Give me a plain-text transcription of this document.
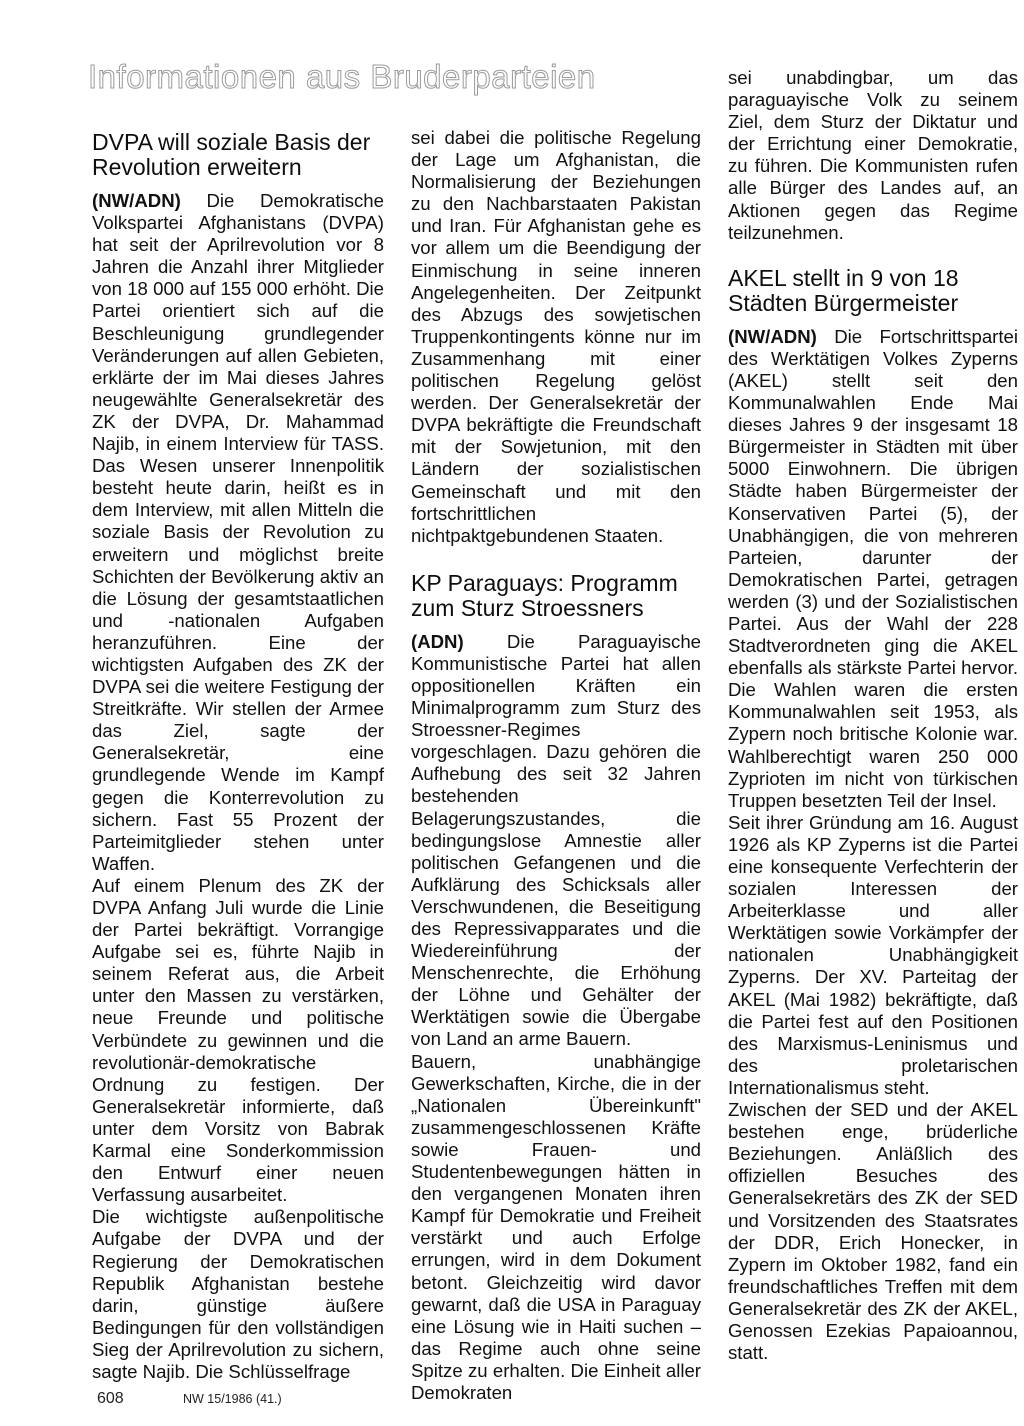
Informationen aus Bruderparteien
DVPA will soziale Basis der Revolution erweitern

(NW/ADN) Die Demokratische Volkspartei Afghanistans (DVPA) hat seit der Aprilrevolution vor 8 Jahren die Anzahl ihrer Mitglieder von 18 000 auf 155 000 erhöht. Die Partei orientiert sich auf die Beschleunigung grundlegender Veränderungen auf allen Gebieten, erklärte der im Mai dieses Jahres neugewählte Generalsekretär des ZK der DVPA, Dr. Mahammad Najib, in einem Interview für TASS. Das Wesen unserer Innenpolitik besteht heute darin, heißt es in dem Interview, mit allen Mitteln die soziale Basis der Revolution zu erweitern und möglichst breite Schichten der Bevölkerung aktiv an die Lösung der gesamtstaatlichen und -nationalen Aufgaben heranzuführen. Eine der wichtigsten Aufgaben des ZK der DVPA sei die weitere Festigung der Streitkräfte. Wir stellen der Armee das Ziel, sagte der Generalsekretär, eine grundlegende Wende im Kampf gegen die Konterrevolution zu sichern. Fast 55 Prozent der Parteimitglieder stehen unter Waffen.

Auf einem Plenum des ZK der DVPA Anfang Juli wurde die Linie der Partei bekräftigt. Vorrangige Aufgabe sei es, führte Najib in seinem Referat aus, die Arbeit unter den Massen zu verstärken, neue Freunde und politische Verbündete zu gewinnen und die revolutionär-demokratische Ordnung zu festigen. Der Generalsekretär informierte, daß unter dem Vorsitz von Babrak Karmal eine Sonderkommission den Entwurf einer neuen Verfassung ausarbeitet.

Die wichtigste außenpolitische Aufgabe der DVPA und der Regierung der Demokratischen Republik Afghanistan bestehe darin, günstige äußere Bedingungen für den vollständigen Sieg der Aprilrevolution zu sichern, sagte Najib. Die Schlüsselfrage

sei dabei die politische Regelung der Lage um Afghanistan, die Normalisierung der Beziehungen zu den Nachbarstaaten Pakistan und Iran. Für Afghanistan gehe es vor allem um die Beendigung der Einmischung in seine inneren Angelegenheiten. Der Zeitpunkt des Abzugs des sowjetischen Truppenkontingents könne nur im Zusammenhang mit einer politischen Regelung gelöst werden. Der Generalsekretär der DVPA bekräftigte die Freundschaft mit der Sowjetunion, mit den Ländern der sozialistischen Gemeinschaft und mit den fortschrittlichen nichtpaktgebundenen Staaten.

KP Paraguays: Programm zum Sturz Stroessners

(ADN) Die Paraguayische Kommunistische Partei hat allen oppositionellen Kräften ein Minimalprogramm zum Sturz des Stroessner-Regimes vorgeschlagen. Dazu gehören die Aufhebung des seit 32 Jahren bestehenden Belagerungszustandes, die bedingungslose Amnestie aller politischen Gefangenen und die Aufklärung des Schicksals aller Verschwundenen, die Beseitigung des Repressivapparates und die Wiedereinführung der Menschenrechte, die Erhöhung der Löhne und Gehälter der Werktätigen sowie die Übergabe von Land an arme Bauern.

Bauern, unabhängige Gewerkschaften, Kirche, die in der „Nationalen Übereinkunft" zusammengeschlossenen Kräfte sowie Frauen- und Studentenbewegungen hätten in den vergangenen Monaten ihren Kampf für Demokratie und Freiheit verstärkt und auch Erfolge errungen, wird in dem Dokument betont. Gleichzeitig wird davor gewarnt, daß die USA in Paraguay eine Lösung wie in Haiti suchen – das Regime auch ohne seine Spitze zu erhalten. Die Einheit aller Demokraten

sei unabdingbar, um das paraguayische Volk zu seinem Ziel, dem Sturz der Diktatur und der Errichtung einer Demokratie, zu führen. Die Kommunisten rufen alle Bürger des Landes auf, an Aktionen gegen das Regime teilzunehmen.

AKEL stellt in 9 von 18 Städten Bürgermeister

(NW/ADN) Die Fortschrittspartei des Werktätigen Volkes Zyperns (AKEL) stellt seit den Kommunalwahlen Ende Mai dieses Jahres 9 der insgesamt 18 Bürgermeister in Städten mit über 5000 Einwohnern. Die übrigen Städte haben Bürgermeister der Konservativen Partei (5), der Unabhängigen, die von mehreren Parteien, darunter der Demokratischen Partei, getragen werden (3) und der Sozialistischen Partei. Aus der Wahl der 228 Stadtverordneten ging die AKEL ebenfalls als stärkste Partei hervor. Die Wahlen waren die ersten Kommunalwahlen seit 1953, als Zypern noch britische Kolonie war. Wahlberechtigt waren 250 000 Zyprioten im nicht von türkischen Truppen besetzten Teil der Insel.

Seit ihrer Gründung am 16. August 1926 als KP Zyperns ist die Partei eine konsequente Verfechterin der sozialen Interessen der Arbeiterklasse und aller Werktätigen sowie Vorkämpfer der nationalen Unabhängigkeit Zyperns. Der XV. Parteitag der AKEL (Mai 1982) bekräftigte, daß die Partei fest auf den Positionen des Marxismus-Leninismus und des proletarischen Internationalismus steht.

Zwischen der SED und der AKEL bestehen enge, brüderliche Beziehungen. Anläßlich des offiziellen Besuches des Generalsekretärs des ZK der SED und Vorsitzenden des Staatsrates der DDR, Erich Honecker, in Zypern im Oktober 1982, fand ein freundschaftliches Treffen mit dem Generalsekretär des ZK der AKEL, Genossen Ezekias Papaioannou, statt.

608	NW 15/1986 (41.)
